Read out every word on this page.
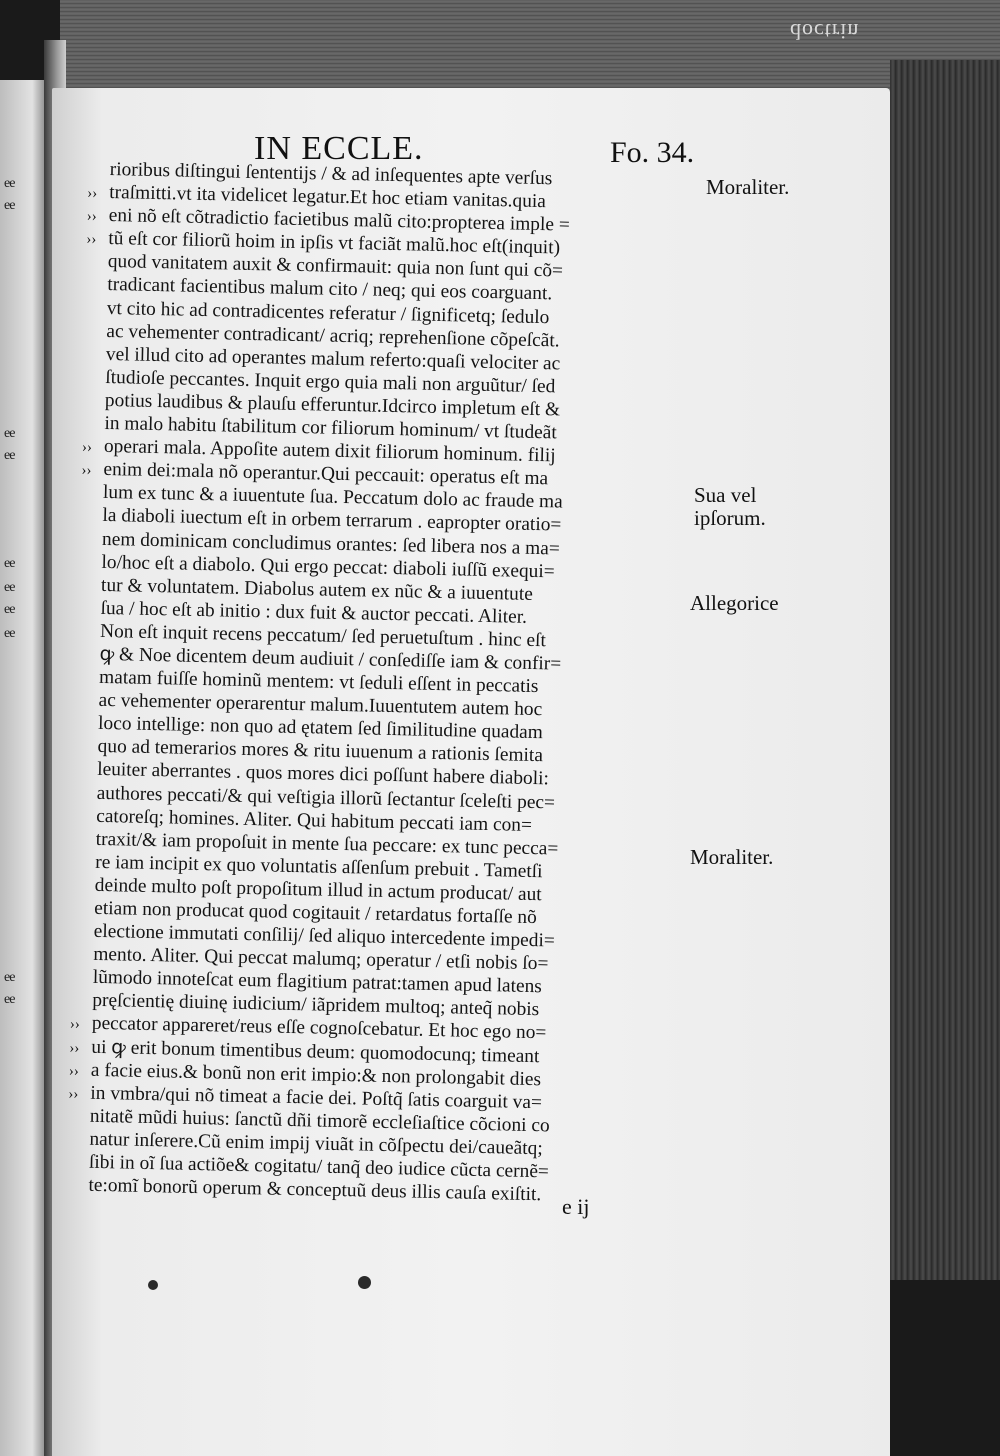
ee
ee
ee
ee
ee
ee
ee
ee
ee
ee
doctrin
IN ECCLE.	Fo. 34.
rioribus diſtingui ſententijs / & ad inſequentes apte verſus
›› traſmitti.vt ita videlicet legatur.Et hoc etiam vanitas.quia
›› eni nõ eſt cõtradictio facietibus malũ cito:propterea imple =
›› tũ eſt cor filiorũ hoim in ipſis vt faciãt malũ.hoc eſt(inquit)
quod vanitatem auxit & confirmauit: quia non ſunt qui cõ=
tradicant facientibus malum cito / neq; qui eos coarguant.
vt cito hic ad contradicentes referatur / ſignificetq; ſedulo
ac vehementer contradicant/ acriq; reprehenſione cõpeſcãt.
vel illud cito ad operantes malum referto:quaſi velociter ac
ſtudioſe peccantes. Inquit ergo quia mali non arguũtur/ ſed
potius laudibus & plauſu efferuntur.Idcirco impletum eſt &
in malo habitu ſtabilitum cor filiorum hominum/ vt ſtudeãt
›› operari mala. Appoſite autem dixit filiorum hominum. filij
›› enim dei:mala nõ operantur.Qui peccauit: operatus eſt ma
lum ex tunc & a iuuentute ſua. Peccatum dolo ac fraude ma
la diaboli iuectum eſt in orbem terrarum . eapropter oratio=
nem dominicam concludimus orantes: ſed libera nos a ma=
lo/hoc eſt a diabolo. Qui ergo peccat: diaboli iuſſũ exequi=
tur & voluntatem. Diabolus autem ex nũc & a iuuentute
ſua / hoc eſt ab initio : dux fuit & auctor peccati. Aliter.
Non eſt inquit recens peccatum/ ſed peruetuſtum . hinc eſt
ꝙ & Noe dicentem deum audiuit / conſediſſe iam & confir=
matam fuiſſe hominũ mentem: vt ſeduli eſſent in peccatis
ac vehementer operarentur malum.Iuuentutem autem hoc
loco intellige: non quo ad ętatem ſed ſimilitudine quadam
quo ad temerarios mores & ritu iuuenum a rationis ſemita
leuiter aberrantes . quos mores dici poſſunt habere diaboli:
authores peccati/& qui veſtigia illorũ ſectantur ſceleſti pec=
catoreſq; homines. Aliter. Qui habitum peccati iam con=
traxit/& iam propoſuit in mente ſua peccare: ex tunc pecca=
re iam incipit ex quo voluntatis aſſenſum prebuit . Tametſi
deinde multo poſt propoſitum illud in actum producat/ aut
etiam non producat quod cogitauit / retardatus fortaſſe nõ
electione immutati conſilij/ ſed aliquo intercedente impedi=
mento. Aliter. Qui peccat malumq; operatur / etſi nobis ſo=
lũmodo innoteſcat eum flagitium patrat:tamen apud latens
pręſcientię diuinę iudicium/ iãpridem multoq; anteq̃ nobis
›› peccator appareret/reus eſſe cognoſcebatur. Et hoc ego no=
›› ui ꝙ erit bonum timentibus deum: quomodocunq; timeant
›› a facie eius.& bonũ non erit impio:& non prolongabit dies
›› in vmbra/qui nõ timeat a facie dei. Poſtq̃ ſatis coarguit va=
nitatẽ mũdi huius: ſanctũ dñi timorẽ eccleſiaſtice cõcioni co
natur inſerere.Cũ enim impij viuãt in cõſpectu dei/caueãtq;
ſibi in oĩ ſua actiõe& cogitatu/ tanq̃ deo iudice cũcta cernẽ=
te:omĩ bonorũ operum & conceptuũ deus illis cauſa exiſtit.
Moraliter.
Sua vel ipſorum.
Allegorice
Moraliter.
e ij
